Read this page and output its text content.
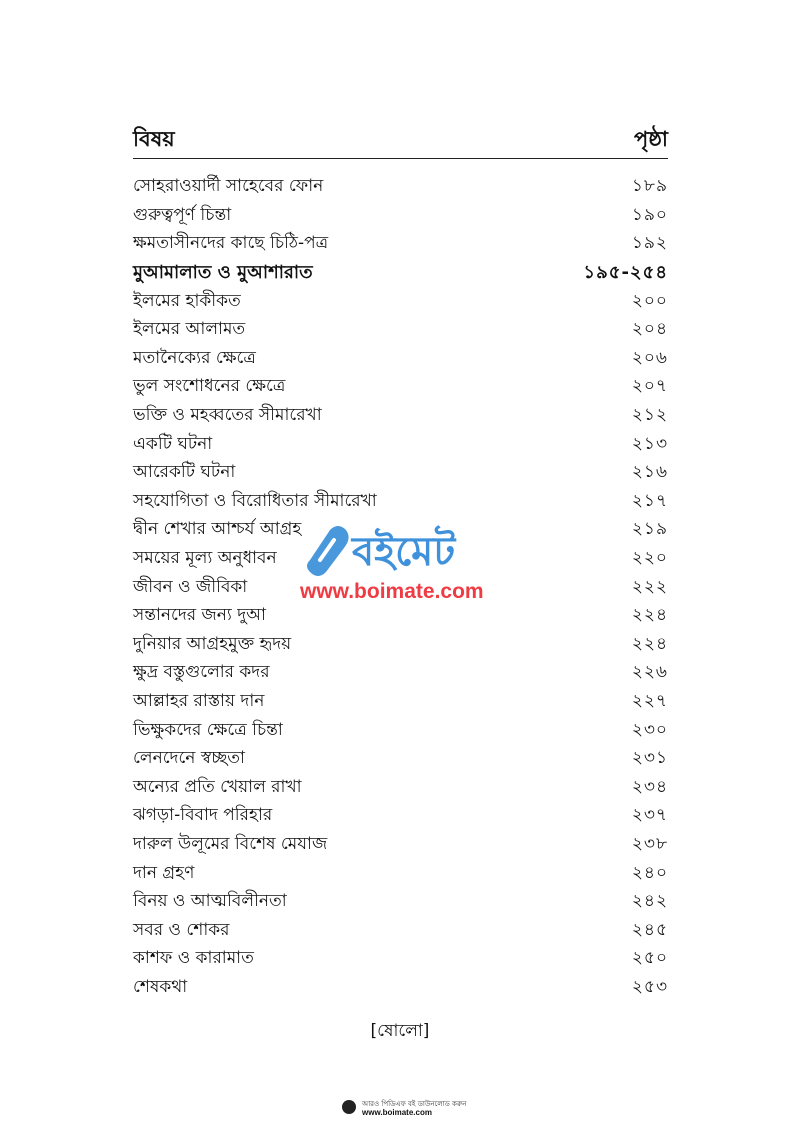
বিষয়	পৃষ্ঠা
সোহরাওয়ার্দী সাহেবের ফোন	১৮৯
গুরুত্বপূর্ণ চিন্তা	১৯০
ক্ষমতাসীনদের কাছে চিঠি-পত্র	১৯২
মুআমালাত ও মুআশারাত	১৯৫-২৫৪
ইলমের হাকীকত	২০০
ইলমের আলামত	২০৪
মতানৈক্যের ক্ষেত্রে	২০৬
ভুল সংশোধনের ক্ষেত্রে	২০৭
ভক্তি ও মহব্বতের সীমারেখা	২১২
একটি ঘটনা	২১৩
আরেকটি ঘটনা	২১৬
সহযোগিতা ও বিরোধিতার সীমারেখা	২১৭
দ্বীন শেখার আশ্চর্য আগ্রহ	২১৯
সময়ের মূল্য অনুধাবন	২২০
জীবন ও জীবিকা	২২২
সন্তানদের জন্য দুআ	২২৪
দুনিয়ার আগ্রহমুক্ত হৃদয়	২২৪
ক্ষুদ্র বস্তুগুলোর কদর	২২৬
আল্লাহর রাস্তায় দান	২২৭
ভিক্ষুকদের ক্ষেত্রে চিন্তা	২৩০
লেনদেনে স্বচ্ছতা	২৩১
অন্যের প্রতি খেয়াল রাখা	২৩৪
ঝগড়া-বিবাদ পরিহার	২৩৭
দারুল উলূমের বিশেষ মেযাজ	২৩৮
দান গ্রহণ	২৪০
বিনয় ও আত্মবিলীনতা	২৪২
সবর ও শোকর	২৪৫
কাশফ ও কারামাত	২৫০
শেষকথা	২৫৩
বইমেট
www.boimate.com
[ষোলো]
আরও পিডিএফ বই ডাউনলোড করুন
www.boimate.com
